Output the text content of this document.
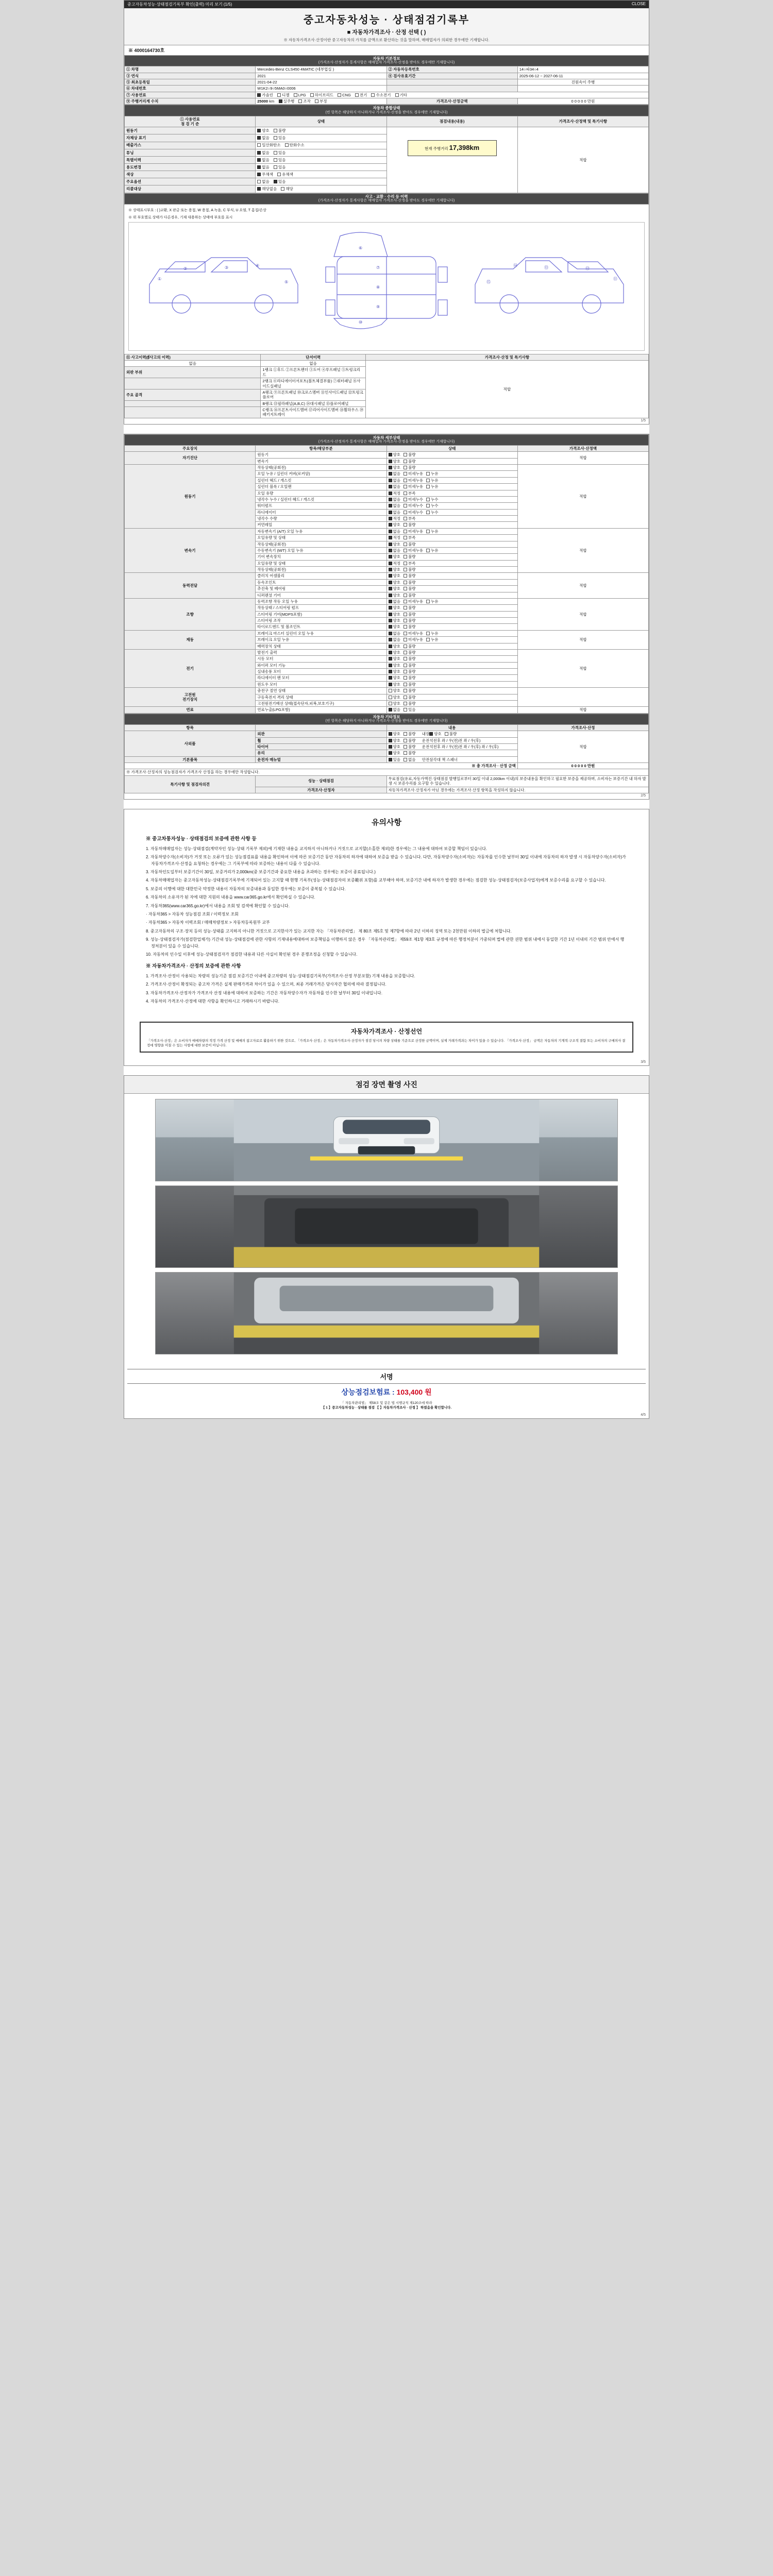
중고자동차성능·상태점검기록부 확인(출력) 미리 보기 (1/5)	CLOSE
중고자동차성능 · 상태점검기록부
■ 자동차가격조사 · 산정 선택 ( )
※ 자동차가격조사·산정이란 중고자동차의 가치를 금액으로 환산하는 것을 말하며, 매매업자가 의뢰한 경우에만 기재합니다.
※ 4000164730호
자동차 기본정보
(가격조사·산정자가 통계사항은 매매업자 가격조사·산정을 받아도 경우에만 기재합니다)			

① 차명	Mercedes-Benz CLS450 4MATIC (네부업실 )	② 자동차등록번호	14○파34○4
③ 연식	2021	④ 검사유효기간	2025-06-12 ~ 2027-06-11
⑤ 최초등록일	2021-04-22		진원속이 주행
⑥ 차대번호	W1K2○9○5MA0○0006		
⑦ 사용연료	가솔린 디젤 LPG 하이브리드 CNG 전기 수소전기 기타		
⑨ 주행거리계 수치	25000 km 실주행 조작 부정	가격조사·산정금액	0 0 0 0 0 만원
자동차 종합상태
(빈 항목은 해당하지 아니하거나 가격조사·산정을 받아도 경우에만 기재합니다)			

① 사용연료
점 검 기 준	상태	점검내용(내용)	가격조사·산정액 및 특기사항
원동기	양호 불량	현재 주행거리 17,398km	적합
자체상 표기	없음 있음		
배출가스	일산화탄소 탄화수소		
튜닝	없음 있음		
특별이력	없음 있음		
용도변경	없음 있음		
색상	무채색 유채색		
주요옵션	없음 있음		
리콜대상	해당없음 해당		
사고 · 교환 · 수리 등 이력
(가격조사·산정자가 통계사항은 매매업자 가격조사·산정을 받아도 경우에만 기재합니다)
※ 상태표시부호 : ( )교환, X 판금 또는 용접, W 용접, A 녹음, C 부식, U 요염, T 흠집/손상
※ 위 부호별로 상태가 다른경우, 기재 대용하는 상태에 부호를 표시
①
②	③	④
⑤
⑥
⑦
⑧
⑨
⑩
⑪
⑫
⑬
⑭
⑮
⑪ 사고이력(र्ह사고의 이력)	단서이력	가격조사·산정 및 특기사항
없음	없음	적합
외판 부위	1랭크 ①후드 ②프론트펜더 ③도어 ④루프패널 ⑤트렁크리드	
	2랭크 ⑥라디에이터서포트(볼트체결부품) ⑦쿼터패널 ⑧사이드실패널	
주요 골격	A랭크 ⑨프론트패널 ⑩크로스멤버 ⑪인사이드패널 ⑫트렁크플로어	
	B랭크 ⑬필라패널(A,B,C) ⑭대시패널 ⑮플로어패널	
	C랭크 ⑯프론트사이드멤버 ⑰리어사이드멤버 ⑱휠하우스 ⑲패키지트레이	
1/5
자동차 세부상태
(가격조사·산정자가 통계사항은 매매업자 가격조사·산정을 받아도 경우에만 기재합니다)			

주요장치	항목/해당부분	상태	가격조사·산정액
자기진단	원동기	양호 불량	적합
	변속기	양호 불량	
원동기	작동상태(공회전)	양호 불량	적합
	오일 누유 / 실린더 커버(로커암)	없음 미세누유 누유	
	실린더 헤드 / 개스킷	없음 미세누유 누유	
	실린더 블록 / 오일팬	없음 미세누유 누유	
	오일 유량	적정 부족	
	냉각수 누수 / 실린더 헤드 / 개스킷	없음 미세누수 누수	
	워터펌프	없음 미세누수 누수	
	라디에이터	없음 미세누수 누수	
	냉각수 수량	적정 부족	
	커먼레일	양호 불량	
변속기	자동변속기 (A/T) 오일 누유	없음 미세누유 누유	적합
	오일유량 및 상태	적정 부족	
	작동상태(공회전)	양호 불량	
	수동변속기 (M/T) 오일 누유	없음 미세누유 누유	
	기어 변속장치	양호 불량	
	오일유량 및 상태	적정 부족	
	작동상태(공회전)	양호 불량	
동력전달	클러치 어셈블리	양호 불량	적합
	등속조인트	양호 불량	
	추진축 및 베어링	양호 불량	
	디퍼렌셜 기어	양호 불량	
조향	동력조향 작동 오일 누유	없음 미세누유 누유	적합
	작동상태 / 스티어링 펌프	양호 불량	
	스티어링 기어(MDPS포함)	양호 불량	
	스티어링 조작	양호 불량	
	타이로드엔드 및 볼조인트	양호 불량	
제동	브레이크 마스터 실린더 오일 누유	없음 미세누유 누유	적합
	브레이크 오일 누유	없음 미세누유 누유	
	배력장치 상태	양호 불량	
전기	발전기 출력	양호 불량	적합
	시동 모터	양호 불량	
	와이퍼 모터 기능	양호 불량	
	실내송풍 모터	양호 불량	
	라디에이터 팬 모터	양호 불량	
	윈도우 모터	양호 불량	
고전원
전기장치	충전구 절연 상태	양호 불량	
	구동축전지 격리 상태	양호 불량	
	고전원전기배선 상태(접속단자,피복,보호기구)	양호 불량	
연료	연료누출(LPG포함)	없음 있음	적합
자동차 기타정보
(빈 항목은 해당하지 아니하거나 가격조사·산정을 받아도 경우에만 기재합니다)			

항목		내용	가격조사·산정
사외품	외관	양호 불량   내장 양호 불량	적합
	휠	양호 불량   운전석전후 좌 / 우(전)전 좌 / 우(후)	
	타이어	양호 불량   운전석전후 좌 / 우(전)전 좌 / 우(후) 좌 / 우(후)	
	유리	양호 불량	
기본품목	운전자 매뉴얼	있음 없음   안전삼각대 잭 스패너	
※ 총 가격조사 · 산정 금액			0 0 0 0 0 만원
※ 가격조사·산정자의 성능점검자가 가격조사 산정을 하는 경우에만 작성합니다.			
특기사항 및 점검자의견	성능 · 상태점검	무료점검(유료,자동가액진·상태점검 발행일로부터 30일 이내 2,000km 이내)의 보증내용을 확인하고 필요한 보증을 제공하며, 소비자는 보증기간 내 하자 발생 시 보증수리를 요구할 수 있습니다.	
	가격조사·산정자	자동차가격조사·산정자가 아닌 경우에는 가격조사·산정 항목을 작성하지 않습니다.	
2/5
유의사항
※ 중고차통자성능 · 상태점검의 보증에 관한 사항 등
1. 자동차매매업자는 성능·상태점검(계약자인 성능·상태 기록부 제외)에 기재한 내용을 교지하지 아니하거나 거짓으로 교지할(소홀한 제외)한 경우에는 그 내용에 대하여 보증할 책임이 있습니다.
2. 자동차양수자(소비자)가 거짓 또는 오류가 있는 성능점검표를 내용을 확인하여 이에 따른 보증기간 동안 자동차의 하자에 대하여 보증을 받을 수 있습니다. 다만, 자동차양수자(소비자)는 자동차를 인수한 날부터 30일 이내에 자동차의 하자 발생 시 자동차양수자(소비자)가 자동차가격조사·산정을 요청하는 경우에는 그 기록부에 따라 보증하는 내용이 다를 수 있습니다.
3. 자동차인도일부터 보증기간이 30일, 보증거리가 2,000km(중 보증기간과 중요한 내용을 초과하는 경우에는 보증이 종료됩니다.)
4. 자동차매매업자는 중고자동차성능·상태점검기록부에 기재되어 있는 고지할 때 현행 기록부(성능·상태점검자의 보증範위 포함)를 교부해야 하며, 보증기간 내에 하자가 발생한 경우에는 점검한 성능·상태점검자(보증사업자)에게 보증수리를 요구할 수 있습니다.
5. 보증의 이행에 대한 대한민국 약정한 내용이 자동차의 보증내용과 동일한 경우에는 보증이 중복될 수 있습니다.
6. 자동차의 소유자가 된 자에 대한 지원의 내용을 www.car365.go.kr에서 확인하실 수 있습니다.
7. 자동차365(www.car365.go.kr)에서 내용을 조회 및 검색에 확인할 수 있습니다.
· 자동차365 > 자동차 성능점검 조회 / 이력정보 조회
· 자동차365 > 자동차 이력조회 / 매매차량정보 > 자동차등록원부 교부
8. 중고자동차의 구조·장치 등의 성능·상태를 고지하지 아니한 거짓으로 고지한사가 있는 교지한 자는 「자동차관리법」 제 80조 제5호 및 제7항에 따라 2년 이하의 징역 또는 2천만원 이하의 벌금에 처합니다.
9. 성능·상태점검자가(점검한업체가) 기간내 성능·상태점검에 관한 사항의 기재내용에대하여 보증책임을 이행하지 않은 경우 「자동차관리법」 제59조 제1항 제3호 규정에 따른 행정처분이 가중되며 법에 관한 권한 범위 내에서 동일한 기간 1년 이내의 기간 범위 안에서 행정처분이 있을 수 있습니다.
10. 자동차의 인수일 이후에 성능·상태점검자가 점검한 내용과 다른 사실이 확인된 경우 분쟁조정을 신청할 수 있습니다.
※ 자동차가격조사 · 산정의 보증에 관한 사항
1. 가격조사·산정이 사용되는 차량의 성능기준 점검 보증기간 이내에 중고차량의 성능·상태점검기록부(가격조사·산정 부분포함) 기재 내용을 보증합니다.
2. 가격조사·산정이 확정되는 중고차 가격은 실제 판매가격과 차이가 있을 수 있으며, 최종 거래가격은 당사자간 협의에 따라 결정됩니다.
3. 자동차가격조사·산정자가 가격조사 산정 내용에 대하여 보증하는 기간은 자동차양수자가 자동차를 인수한 날부터 30일 이내입니다.
4. 자동차의 가격조사·산정에 대한 사항을 확인하시고 거래하시기 바랍니다.
자동차가격조사 · 산정선언
「가격조사·산정」은 소비자가 매매차량의 적정 가격 산정 및 매매의 참고자료로 활용하기 위한 것으로, 「가격조사·산정」은 자동차가격조사·산정자가 점검 당시의 차량 상태를 기준으로 산정한 금액이며, 실제 거래가격과는 차이가 있을 수 있습니다. 「가격조사·산정」 금액은 자동차의 기계적·구조적 결함 또는 소비자의 구매의사 결정에 영향을 미칠 수 있는 사항에 대한 보증이 아닙니다.
3/5
점검 장면 촬영 사진
서명
상능점검보험료 : 103,400 원
「 자동차관리법」 제58조 및 같은 법 시행규칙 제120조에 따라
【 1 】중고자동차성능 · 상태를 점검 【 】자동차가격조사 · 산정 】 하였음을 확인합니다.
4/5
